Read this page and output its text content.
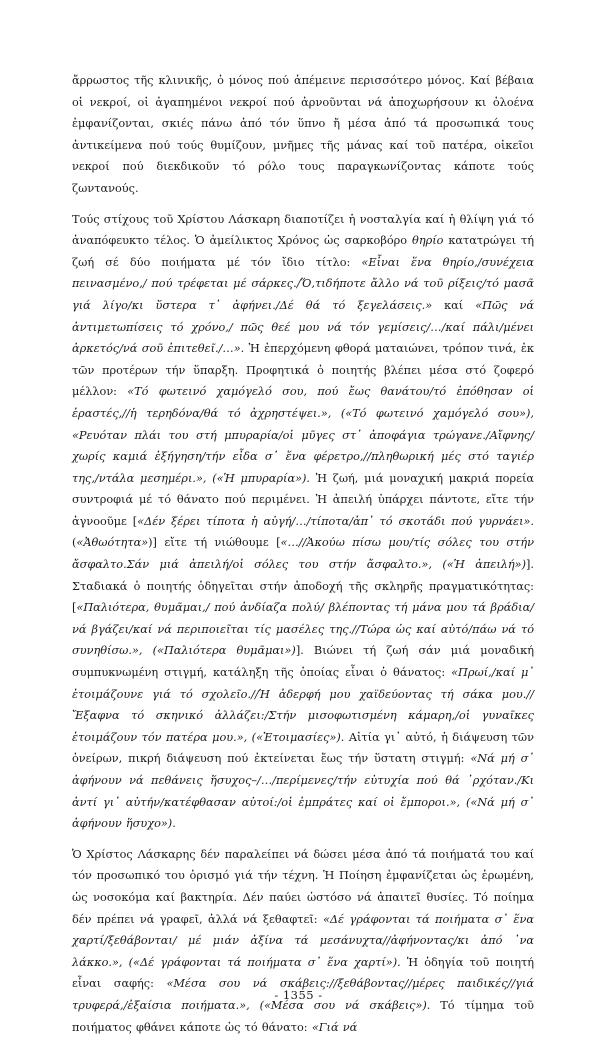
ἄρρωστος τῆς κλινικῆς, ὁ μόνος πού ἀπέμεινε περισσότερο μόνος. Καί βέβαια οἱ νεκροί, οἱ ἀγαπημένοι νεκροί πού ἀρνοῦνται νά ἀποχωρήσουν κι ὁλοένα ἐμφανίζονται, σκιές πάνω ἀπό τόν ὕπνο ἤ μέσα ἀπό τά προσωπικά τους ἀντικείμενα πού τούς θυμίζουν, μνῆμες τῆς μάνας καί τοῦ πατέρα, οἰκεῖοι νεκροί πού διεκδικοῦν τό ρόλο τους παραγκωνίζοντας κάποτε τούς ζωντανούς.

Τούς στίχους τοῦ Χρίστου Λάσκαρη διαποτίζει ἡ νοσταλγία καί ἡ θλίψη γιά τό ἀναπόφευκτο τέλος. Ὁ ἀμείλικτος Χρόνος ὡς σαρκοβόρο θηρίο κατατρώγει τή ζωή σέ δύο ποιήματα μέ τόν ἴδιο τίτλο: «Εἶναι ἕνα θηρίο,/συνέχεια πεινασμένο,/ πού τρέφεται μέ σάρκες./Ὅ,τιδήποτε ἄλλο νά τοῦ ρίξεις/τό μασᾶ γιά λίγο/κι ὕστερα τ᾿ ἀφήνει./Δέ θά τό ξεγελάσεις.» καί «Πῶς νά ἀντιμετωπίσεις τό χρόνο,/ πῶς θεέ μου νά τόν γεμίσεις/…/καί πάλι/μένει ἀρκετός/νά σοῦ ἐπιτεθεῖ./…». Ἡ ἐπερχόμενη φθορά ματαιώνει, τρόπον τινά, ἐκ τῶν προτέρων τήν ὕπαρξη. Προφητικά ὁ ποιητής βλέπει μέσα στό ζοφερό μέλλον: «Τό φωτεινό χαμόγελό σου, πού ἔως θανάτου/τό ἐπόθησαν οἱ ἐραστές,//ἡ τερηδόνα/θά τό ἀχρηστέψει.», («Τό φωτεινό χαμόγελό σου»), «Ρευόταν πλάι του στή μπυραρία/οἱ μῦγες στ᾿ ἀποφάγια τρώγανε./Αἴφνης/χωρίς καμιά ἐξήγηση/τήν εἶδα σ᾿ ἕνα φέρετρο,//πληθωρική μές στό ταγιέρ της,/ντάλα μεσημέρι.», («Ἡ μπυραρία»). Ἡ ζωή, μιά μοναχική μακριά πορεία συντροφιά μέ τό θάνατο πού περιμένει. Ἡ ἀπειλή ὑπάρχει πάντοτε, εἴτε τήν ἀγνοοῦμε [«Δέν ξέρει τίποτα ἡ αὐγή/…/τίποτα/ἀπ᾿ τό σκοτάδι πού γυρνάει». («Ἀθωότητα»)] εἴτε τή νιώθουμε [«…//Ἀκούω πίσω μου/τίς σόλες του στήν ἄσφαλτο.Σάν μιά ἀπειλή/οἱ σόλες του στήν ἄσφαλτο.», («Ἡ ἀπειλή»)]. Σταδιακά ὁ ποιητής ὁδηγεῖται στήν ἀποδοχή τῆς σκληρῆς πραγματικότητας: [«Παλιότερα, θυμᾶμαι,/ πού ἀνδίαζα πολύ/ βλέποντας τή μάνα μου τά βράδια/νά βγάζει/καί νά περιποιεῖται τίς μασέλες της.//Τώρα ὡς καί αὐτό/πάω νά τό συνηθίσω.», («Παλιότερα θυμᾶμαι»)]. Βιώνει τή ζωή σάν μιά μοναδική συμπυκνωμένη στιγμή, κατάληξη τῆς ὁποίας εἶναι ὁ θάνατος: «Πρωί,/καί μ᾿ ἑτοιμάζουνε γιά τό σχολεῖο.//Ἡ ἀδερφή μου χαϊδεύοντας τή σάκα μου.//Ἔξαφνα τό σκηνικό ἀλλάζει:/Στήν μισοφωτισμένη κάμαρη,/οἱ γυναῖκες ἑτοιμάζουν τόν πατέρα μου.», («Ἑτοιμασίες»). Αἰτία γι᾿ αὐτό, ἡ διάψευση τῶν ὀνείρων, πικρή διάψευση πού ἐκτείνεται ἔως τήν ὕστατη στιγμή: «Νά μή σ᾿ ἀφήνουν νά πεθάνεις ἥσυχος–/…/περίμενες/τήν εὐτυχία πού θά ᾿ρχόταν./Κι ἀντί γι᾿ αὐτήν/κατέφθασαν αὐτοί:/οἱ ἐμπράτες καί οἱ ἔμποροι.», («Νά μή σ᾿ ἀφήνουν ἥσυχο»).

Ὁ Χρίστος Λάσκαρης δέν παραλείπει νά δώσει μέσα ἀπό τά ποιήματά του καί τόν προσωπικό του ὁρισμό γιά τήν τέχνη. Ἡ Ποίηση ἐμφανίζεται ὡς ἐρωμένη, ὡς νοσοκόμα καί βακτηρία. Δέν παύει ὡστόσο νά ἀπαιτεῖ θυσίες. Τό ποίημα δέν πρέπει νά γραφεῖ, ἀλλά νά ξεθαφτεῖ: «Δέ γράφονται τά ποιήματα σ᾿ ἕνα χαρτί/ξεθάβονται/ μέ μιάν ἀξίνα τά μεσάνυχτα//ἀφήνοντας/κι ἀπό ᾿να λάκκο.», («Δέ γράφονται τά ποιήματα σ᾿ ἕνα χαρτί»). Ἡ ὁδηγία τοῦ ποιητή εἶναι σαφής: «Μέσα σου νά σκάβεις://ξεθάβοντας//μέρες παιδικές//γιά τρυφερά,/ἐξαίσια ποιήματα.», («Μέσα σου νά σκάβεις»). Τό τίμημα τοῦ ποιήματος φθάνει κάποτε ὡς τό θάνατο: «Γιά νά

- 1355 -
